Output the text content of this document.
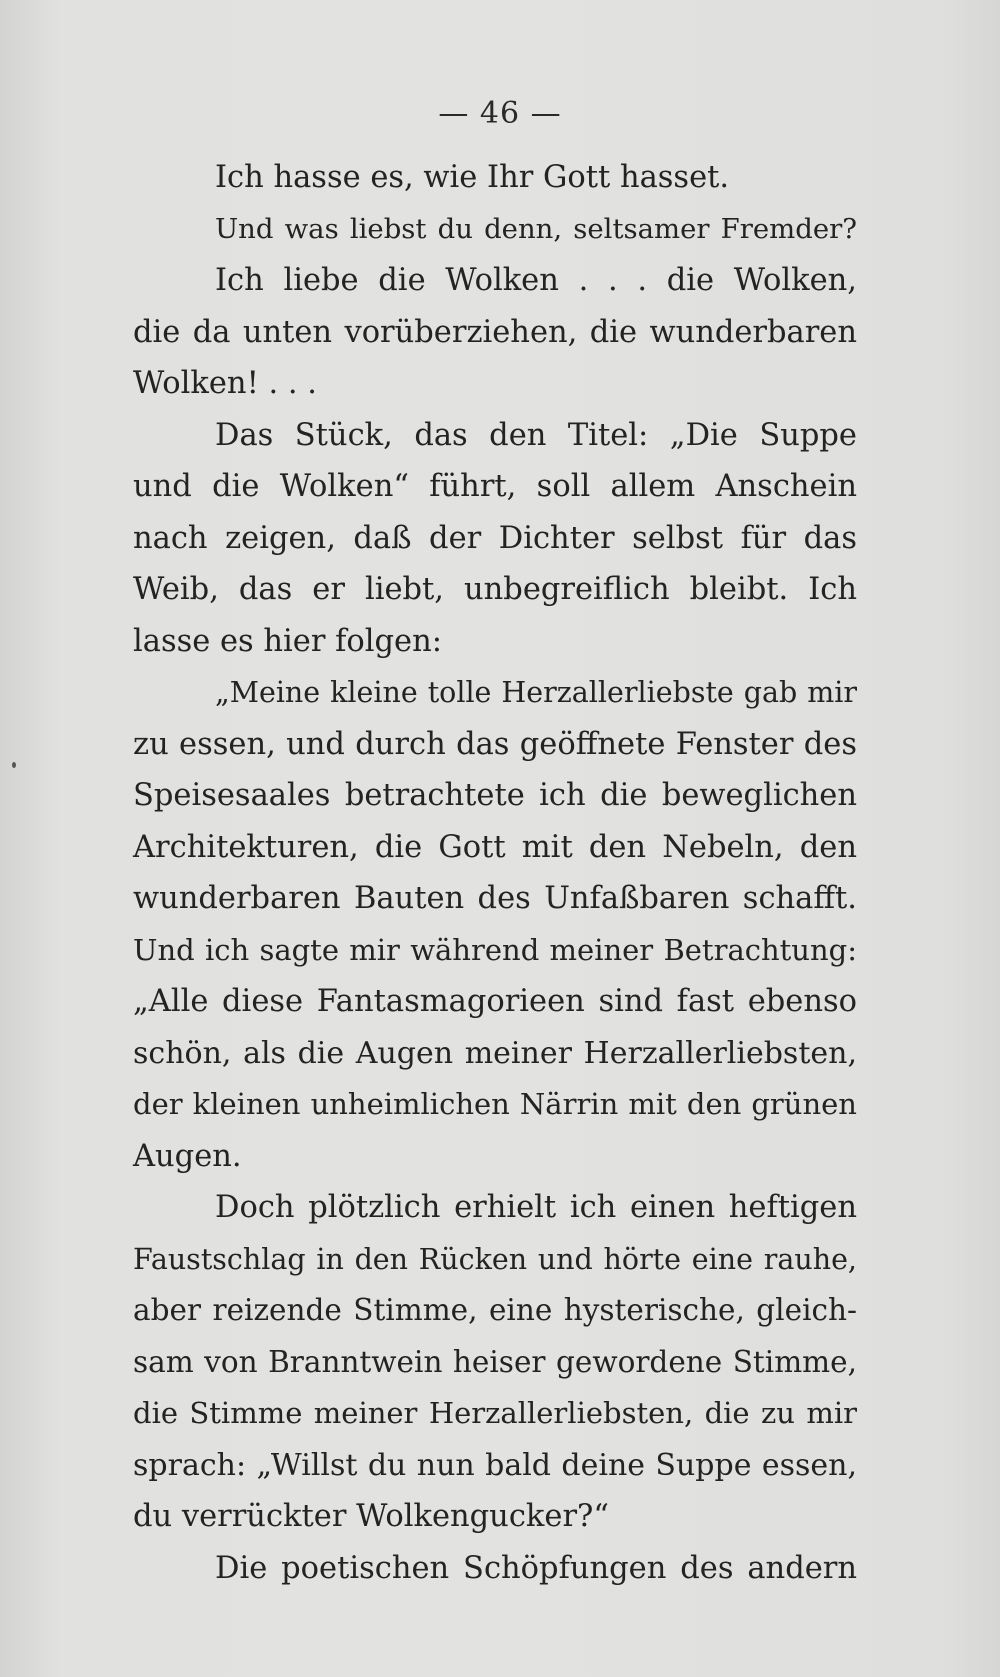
— 46 —
Ich hasse es, wie Ihr Gott hasset.
Und was liebst du denn, seltsamer Fremder?
Ich liebe die Wolken . . . die Wolken,
die da unten vorüberziehen, die wunderbaren
Wolken! . . .
Das Stück, das den Titel: „Die Suppe
und die Wolken“ führt, soll allem Anschein
nach zeigen, daß der Dichter selbst für das
Weib, das er liebt, unbegreiflich bleibt. Ich
lasse es hier folgen:
„Meine kleine tolle Herzallerliebste gab mir
zu essen, und durch das geöffnete Fenster des
Speisesaales betrachtete ich die beweglichen
Architekturen, die Gott mit den Nebeln, den
wunderbaren Bauten des Unfaßbaren schafft.
Und ich sagte mir während meiner Betrachtung:
„Alle diese Fantasmagorieen sind fast ebenso
schön, als die Augen meiner Herzallerliebsten,
der kleinen unheimlichen Närrin mit den grünen
Augen.
Doch plötzlich erhielt ich einen heftigen
Faustschlag in den Rücken und hörte eine rauhe,
aber reizende Stimme, eine hysterische, gleich-
sam von Branntwein heiser gewordene Stimme,
die Stimme meiner Herzallerliebsten, die zu mir
sprach: „Willst du nun bald deine Suppe essen,
du verrückter Wolkengucker?“
Die poetischen Schöpfungen des andern
